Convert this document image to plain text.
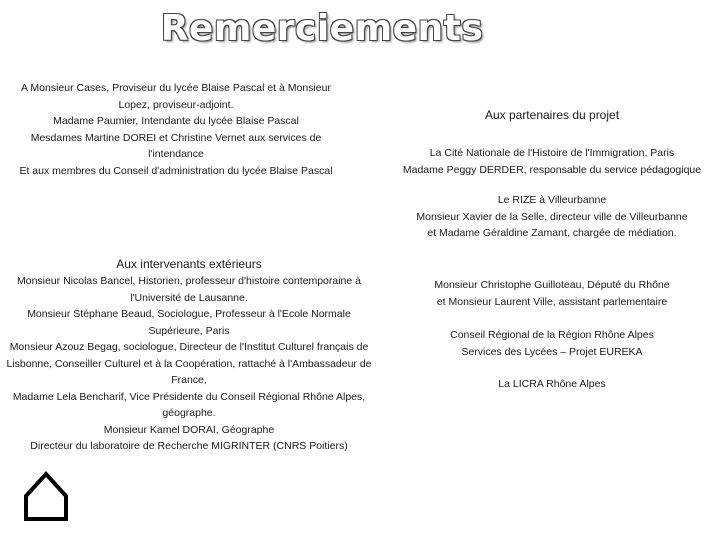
Remerciements

A Monsieur Cases, Proviseur du lycée Blaise Pascal et à Monsieur Lopez, proviseur-adjoint.

Madame Paumier, Intendante du lycée Blaise Pascal

Mesdames Martine DOREI et Christine Vernet aux services de l'intendance

Et aux membres du Conseil d'administration du lycée Blaise Pascal

Aux partenaires du projet

La Cité Nationale de l'Histoire de l'Immigration, Paris

Madame Peggy DERDER, responsable du service pédagogique

Le RIZE à Villeurbanne

Monsieur Xavier de la Selle, directeur ville de Villeurbanne

et Madame Géraldine Zamant, chargée de médiation.

Aux intervenants extérieurs

Monsieur Nicolas Bancel, Historien, professeur d'histoire contemporaine à l'Université de Lausanne.

Monsieur Stéphane Beaud, Sociologue, Professeur à l'Ecole Normale Supérieure, Paris

Monsieur Azouz Begag, sociologue, Directeur de l'Institut Culturel français de Lisbonne, Conseiller Culturel et à la Coopération, rattaché à l'Ambassadeur de France,

Madame Lela Bencharif, Vice Présidente du Conseil Régional Rhône Alpes, géographe.

Monsieur Kamel DORAI, Géographe

Directeur du laboratoire de Recherche MIGRINTER (CNRS Poitiers)

Monsieur Christophe Guilloteau, Député du Rhône

et Monsieur Laurent Ville, assistant parlementaire

Conseil Régional de la Région Rhône Alpes

Services des Lycées – Projet EUREKA

La LICRA Rhône Alpes
